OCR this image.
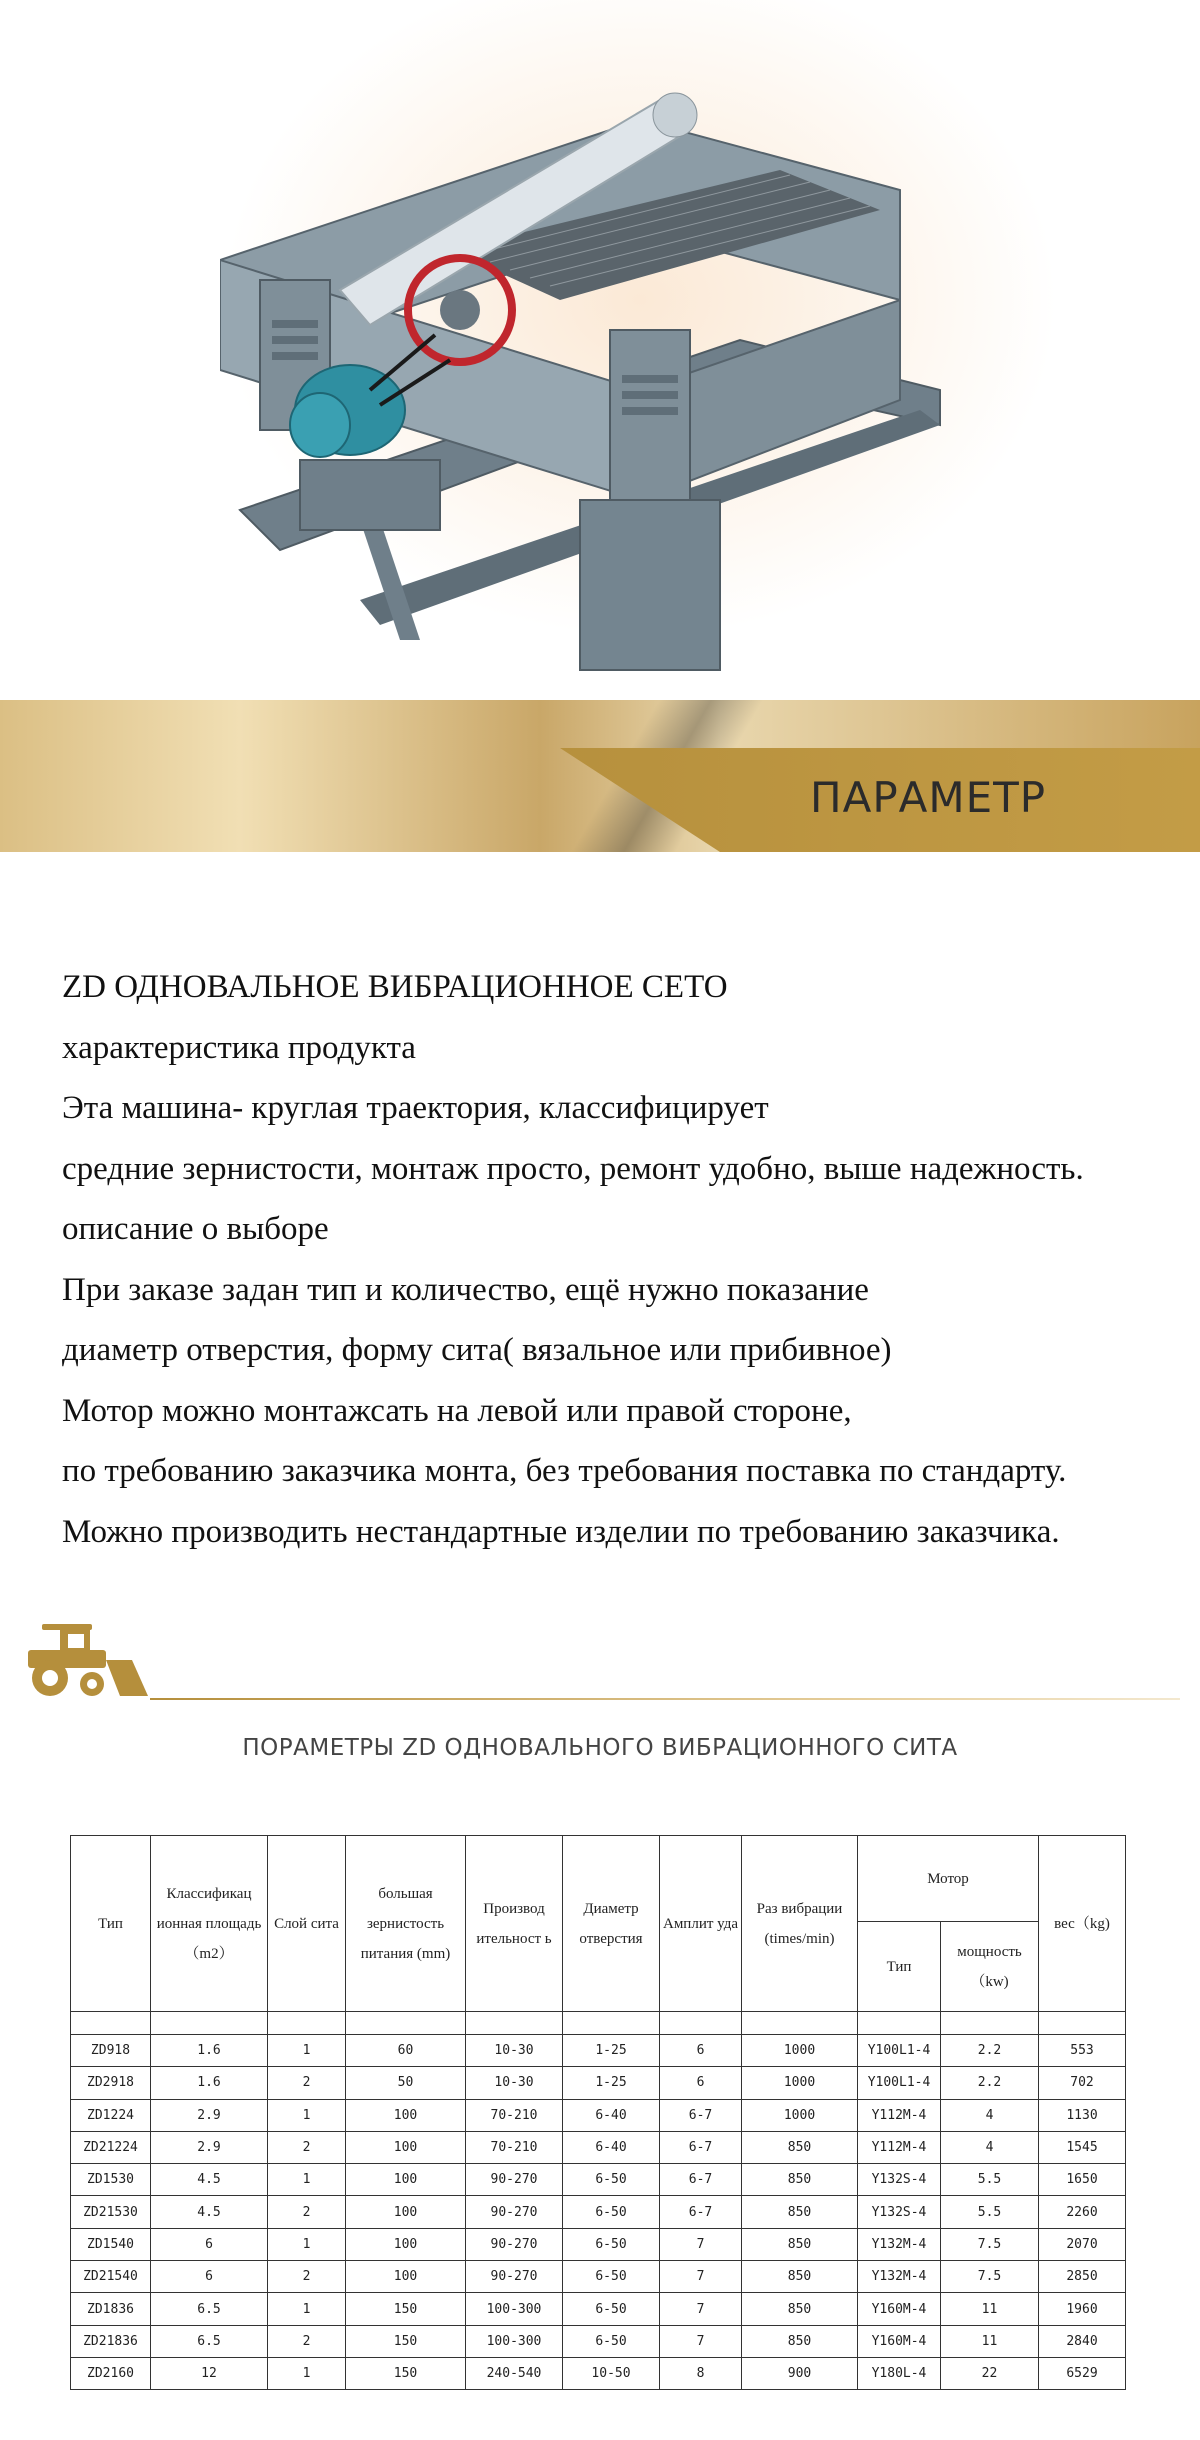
ПАРАМЕТР
ZD ОДНОВАЛЬНОЕ ВИБРАЦИОННОЕ СЕТО
характеристика продукта
Эта машина- круглая траектория, классифицирует
средние зернистости, монтаж просто, ремонт удобно, выше надежность.
описание о выборе
При заказе задан тип и количество, ещё нужно показание
диаметр отверстия, форму сита( вязальное или прибивное)
Мотор можно монтажсать на левой или правой стороне,
по требованию заказчика монта, без требования поставка по стандарту.
Можно производить нестандартные изделии по требованию заказчика.
ПОРАМЕТРЫ ZD ОДНОВАЛЬНОГО ВИБРАЦИОННОГО СИТА
Тип	Классификац ионная площадь（m2）	Слой сита	большая зернистость питания (mm)	Производ ительност ь	Диаметр отверстия	Амплит уда	Раз вибрации (times/min)	Мотор		вес（kg)
								Тип	мощность （kw)	

ZD918	1.6	1	60	10-30	1-25	6	1000	Y100L1-4	2.2	553
ZD2918	1.6	2	50	10-30	1-25	6	1000	Y100L1-4	2.2	702
ZD1224	2.9	1	100	70-210	6-40	6-7	1000	Y112M-4	4	1130
ZD21224	2.9	2	100	70-210	6-40	6-7	850	Y112M-4	4	1545
ZD1530	4.5	1	100	90-270	6-50	6-7	850	Y132S-4	5.5	1650
ZD21530	4.5	2	100	90-270	6-50	6-7	850	Y132S-4	5.5	2260
ZD1540	6	1	100	90-270	6-50	7	850	Y132M-4	7.5	2070
ZD21540	6	2	100	90-270	6-50	7	850	Y132M-4	7.5	2850
ZD1836	6.5	1	150	100-300	6-50	7	850	Y160M-4	11	1960
ZD21836	6.5	2	150	100-300	6-50	7	850	Y160M-4	11	2840
ZD2160	12	1	150	240-540	10-50	8	900	Y180L-4	22	6529
